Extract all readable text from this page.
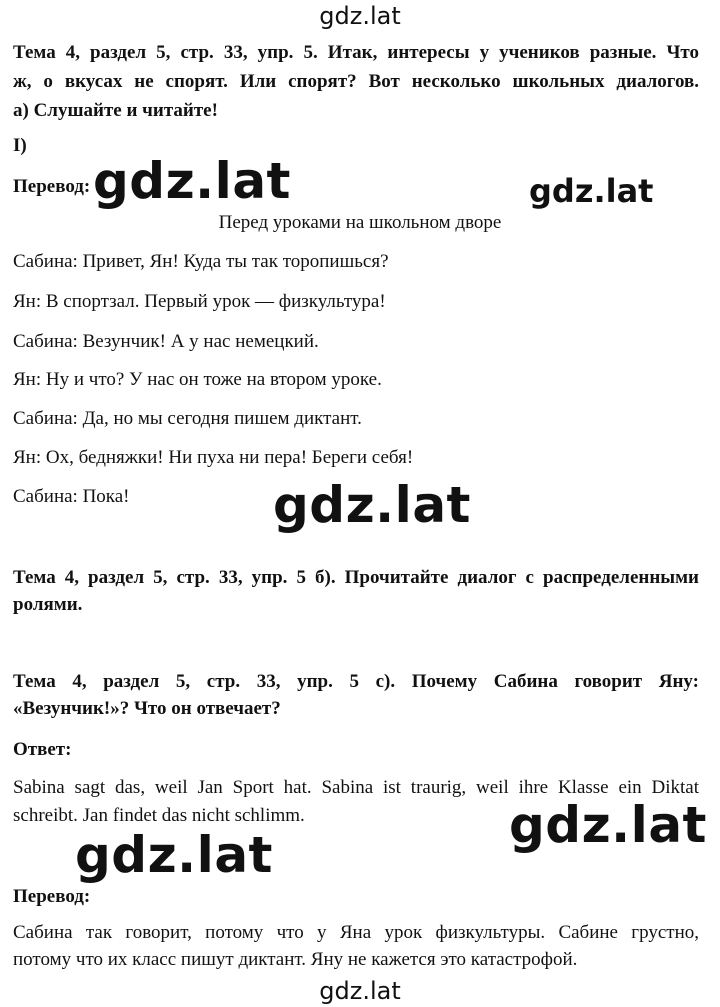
gdz.lat
Тема 4, раздел 5, стр. 33, упр. 5. Итак, интересы у учеников разные. Что
ж, о вкусах не спорят. Или спорят? Вот несколько школьных диалогов.
a) Слушайте и читайте!
I)
Перевод: gdz.lat	gdz.lat
Перед уроками на школьном дворе
Сабина: Привет, Ян! Куда ты так торопишься?
Ян: В спортзал. Первый урок — физкультура!
Сабина: Везунчик! А у нас немецкий.
Ян: Ну и что? У нас он тоже на втором уроке.
Сабина: Да, но мы сегодня пишем диктант.
Ян: Ох, бедняжки! Ни пуха ни пера! Береги себя!
Сабина: Пока!	gdz.lat
Тема 4, раздел 5, стр. 33, упр. 5 б). Прочитайте диалог с распределенными
ролями.
Тема 4, раздел 5, стр. 33, упр. 5 с). Почему Сабина говорит Яну:
«Везунчик!»? Что он отвечает?
Ответ:
Sabina sagt das, weil Jan Sport hat. Sabina ist traurig, weil ihre Klasse ein Diktat
schreibt. Jan findet das nicht schlimm.	gdz.lat
gdz.lat
Перевод:
Сабина так говорит, потому что у Яна урок физкультуры. Сабине грустно,
потому что их класс пишут диктант. Яну не кажется это катастрофой.
gdz.lat
